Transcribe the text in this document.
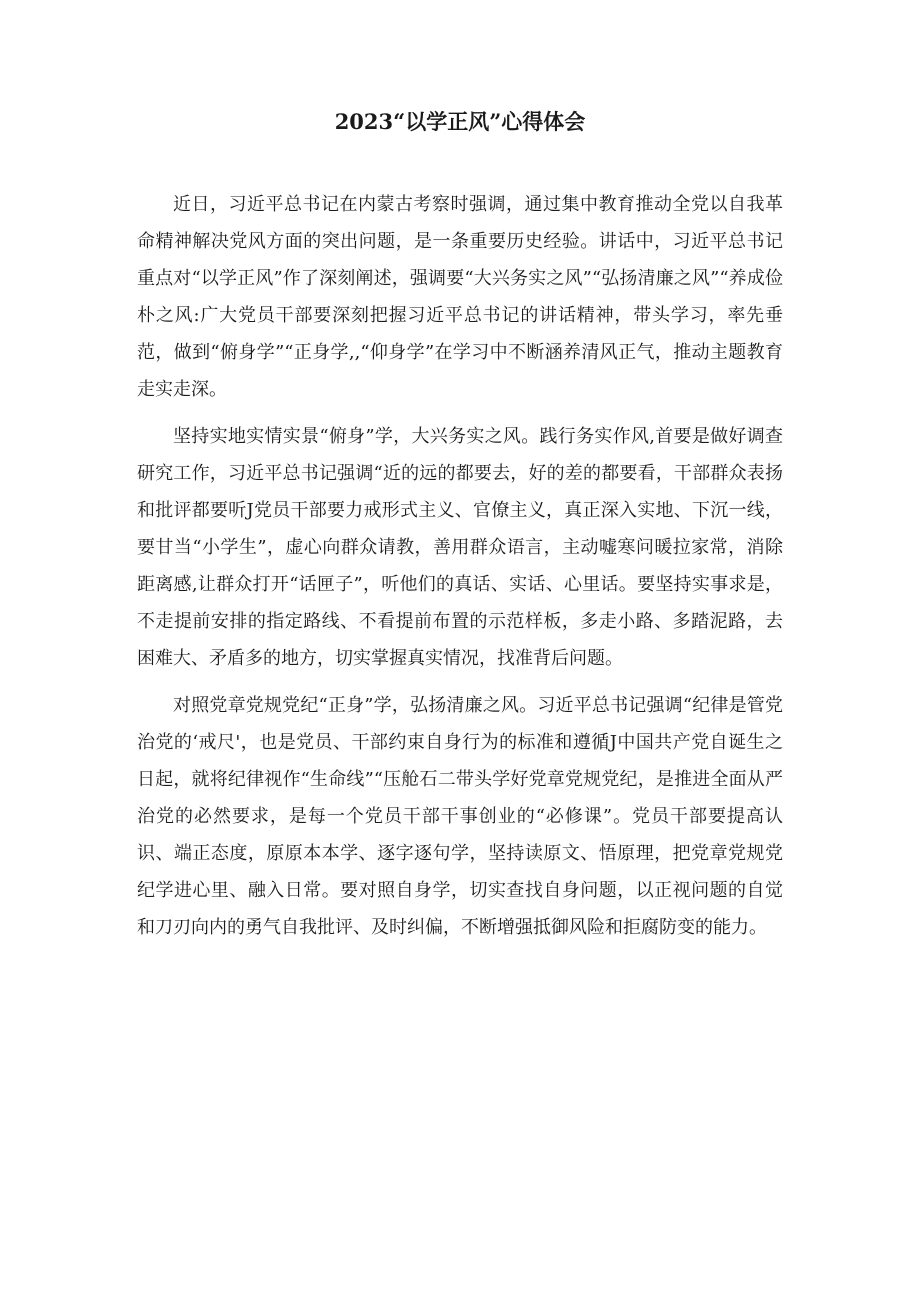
2023“以学正风”心得体会

近日，习近平总书记在内蒙古考察时强调，通过集中教育推动全党以自我革命精神解决党风方面的突出问题，是一条重要历史经验。讲话中，习近平总书记重点对“以学正风”作了深刻阐述，强调要“大兴务实之风”“弘扬清廉之风”“养成俭朴之风:广大党员干部要深刻把握习近平总书记的讲话精神，带头学习，率先垂范，做到“俯身学”“正身学,,“仰身学”在学习中不断涵养清风正气，推动主题教育走实走深。

坚持实地实情实景“俯身”学，大兴务实之风。践行务实作风,首要是做好调查研究工作，习近平总书记强调“近的远的都要去，好的差的都要看，干部群众表扬和批评都要听J党员干部要力戒形式主义、官僚主义，真正深入实地、下沉一线，要甘当“小学生”，虚心向群众请教，善用群众语言，主动嘘寒问暖拉家常，消除距离感,让群众打开“话匣子”，听他们的真话、实话、心里话。要坚持实事求是，不走提前安排的指定路线、不看提前布置的示范样板，多走小路、多踏泥路，去困难大、矛盾多的地方，切实掌握真实情况，找准背后问题。

对照党章党规党纪“正身”学，弘扬清廉之风。习近平总书记强调“纪律是管党治党的‘戒尺'，也是党员、干部约束自身行为的标准和遵循J中国共产党自诞生之日起，就将纪律视作“生命线”“压舱石二带头学好党章党规党纪，是推进全面从严治党的必然要求，是每一个党员干部干事创业的“必修课”。党员干部要提高认识、端正态度，原原本本学、逐字逐句学，坚持读原文、悟原理，把党章党规党纪学进心里、融入日常。要对照自身学，切实查找自身问题，以正视问题的自觉和刀刃向内的勇气自我批评、及时纠偏，不断增强抵御风险和拒腐防变的能力。
